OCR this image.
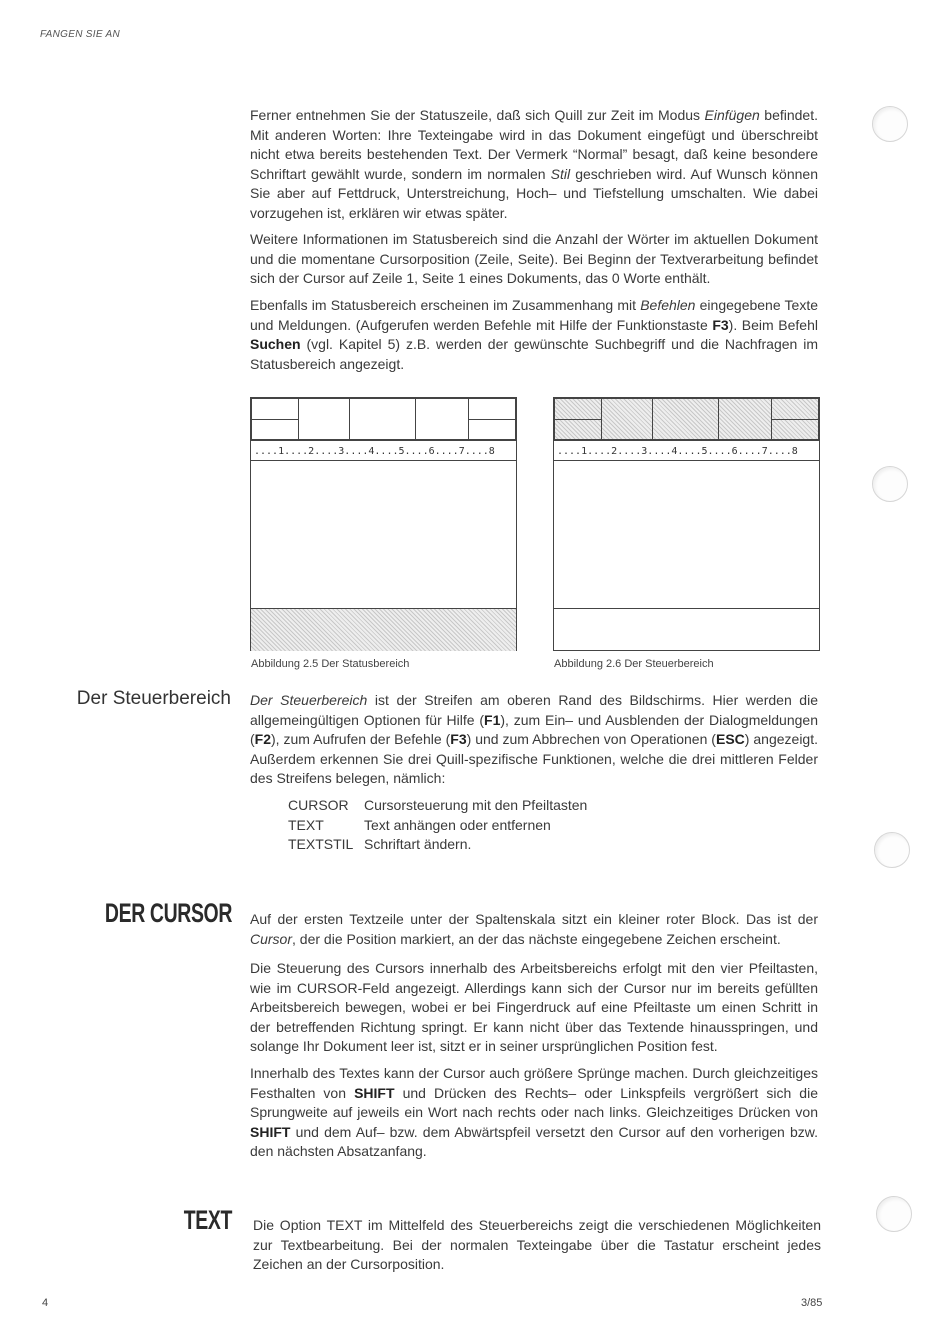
FANGEN SIE AN
Ferner entnehmen Sie der Statuszeile, daß sich Quill zur Zeit im Modus Einfügen befindet. Mit anderen Worten: Ihre Texteingabe wird in das Dokument eingefügt und überschreibt nicht etwa bereits bestehenden Text. Der Vermerk “Normal” besagt, daß keine besondere Schriftart gewählt wurde, sondern im normalen Stil geschrieben wird. Auf Wunsch können Sie aber auf Fettdruck, Unterstreichung, Hoch– und Tiefstellung umschalten. Wie dabei vorzugehen ist, erklären wir etwas später.
Weitere Informationen im Statusbereich sind die Anzahl der Wörter im aktuellen Dokument und die momentane Cursorposition (Zeile, Seite). Bei Beginn der Textverarbeitung befindet sich der Cursor auf Zeile 1, Seite 1 eines Dokuments, das 0 Worte enthält.
Ebenfalls im Statusbereich erscheinen im Zusammenhang mit Befehlen eingegebene Texte und Meldungen. (Aufgerufen werden Befehle mit Hilfe der Funktionstaste F3). Beim Befehl Suchen (vgl. Kapitel 5) z.B. werden der gewünschte Suchbegriff und die Nachfragen im Statusbereich angezeigt.
....1....2....3....4....5....6....7....8
Abbildung 2.5 Der Statusbereich
....1....2....3....4....5....6....7....8
Abbildung 2.6 Der Steuerbereich
Der Steuerbereich Der Steuerbereich ist der Streifen am oberen Rand des Bildschirms. Hier werden die allgemeingültigen Optionen für Hilfe (F1), zum Ein– und Ausblenden der Dialogmeldungen (F2), zum Aufrufen der Befehle (F3) und zum Abbrechen von Operationen (ESC) angezeigt. Außerdem erkennen Sie drei Quill-spezifische Funktionen, welche die drei mittleren Felder des Streifens belegen, nämlich:
CURSOR Cursorsteuerung mit den Pfeiltasten
TEXT	Text anhängen oder entfernen
TEXTSTIL Schriftart ändern.
DER CURSOR Auf der ersten Textzeile unter der Spaltenskala sitzt ein kleiner roter Block. Das ist der Cursor, der die Position markiert, an der das nächste eingegebene Zeichen erscheint.
Die Steuerung des Cursors innerhalb des Arbeitsbereichs erfolgt mit den vier Pfeiltasten, wie im CURSOR-Feld angezeigt. Allerdings kann sich der Cursor nur im bereits gefüllten Arbeitsbereich bewegen, wobei er bei Fingerdruck auf eine Pfeiltaste um einen Schritt in der betreffenden Richtung springt. Er kann nicht über das Textende hinausspringen, und solange Ihr Dokument leer ist, sitzt er in seiner ursprünglichen Position fest.
Innerhalb des Textes kann der Cursor auch größere Sprünge machen. Durch gleichzeitiges Festhalten von SHIFT und Drücken des Rechts– oder Linkspfeils vergrößert sich die Sprungweite auf jeweils ein Wort nach rechts oder nach links. Gleichzeitiges Drücken von SHIFT und dem Auf– bzw. dem Abwärtspfeil versetzt den Cursor auf den vorherigen bzw. den nächsten Absatzanfang.
TEXT Die Option TEXT im Mittelfeld des Steuerbereichs zeigt die verschiedenen Möglichkeiten zur Textbearbeitung. Bei der normalen Texteingabe über die Tastatur erscheint jedes Zeichen an der Cursorposition.
4	3/85
